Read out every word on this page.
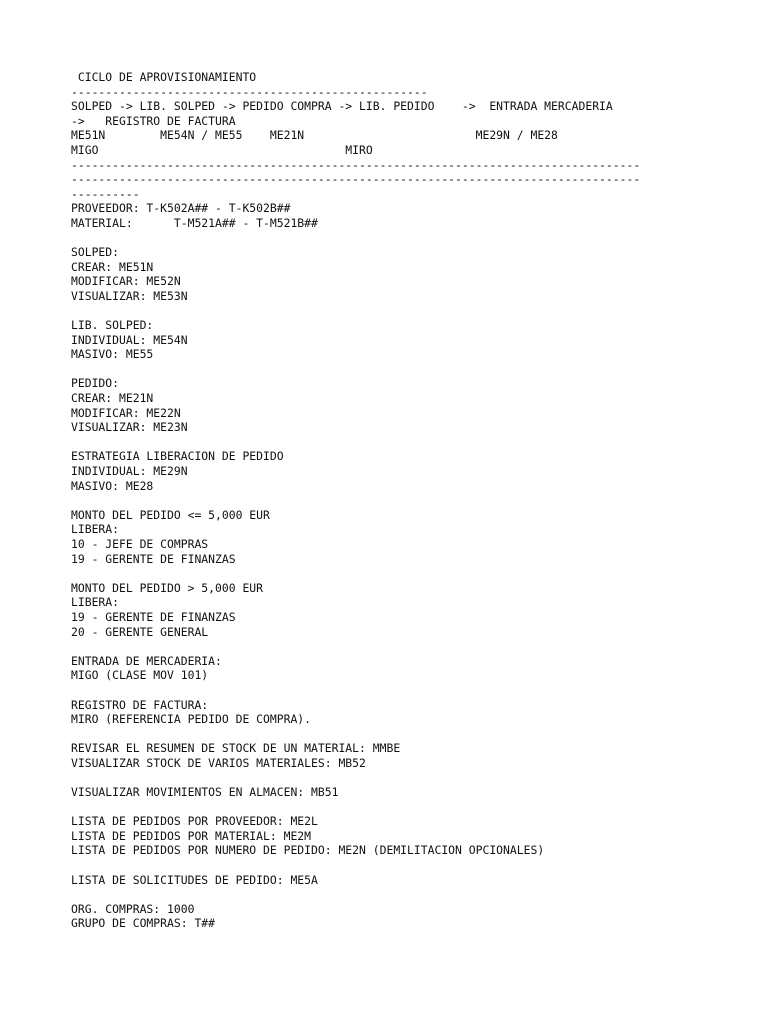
CICLO DE APROVISIONAMIENTO
----------------------------------------------------
SOLPED -> LIB. SOLPED -> PEDIDO COMPRA -> LIB. PEDIDO    ->  ENTRADA MERCADERIA
->   REGISTRO DE FACTURA
ME51N        ME54N / ME55    ME21N                         ME29N / ME28
MIGO                                    MIRO
-----------------------------------------------------------------------------------
-----------------------------------------------------------------------------------
----------
PROVEEDOR: T-K502A## - T-K502B##
MATERIAL:      T-M521A## - T-M521B##
SOLPED:
CREAR: ME51N
MODIFICAR: ME52N
VISUALIZAR: ME53N
LIB. SOLPED:
INDIVIDUAL: ME54N
MASIVO: ME55
PEDIDO:
CREAR: ME21N
MODIFICAR: ME22N
VISUALIZAR: ME23N
ESTRATEGIA LIBERACION DE PEDIDO
INDIVIDUAL: ME29N
MASIVO: ME28
MONTO DEL PEDIDO <= 5,000 EUR
LIBERA:
10 - JEFE DE COMPRAS
19 - GERENTE DE FINANZAS
MONTO DEL PEDIDO > 5,000 EUR
LIBERA:
19 - GERENTE DE FINANZAS
20 - GERENTE GENERAL
ENTRADA DE MERCADERIA:
MIGO (CLASE MOV 101)
REGISTRO DE FACTURA:
MIRO (REFERENCIA PEDIDO DE COMPRA).
REVISAR EL RESUMEN DE STOCK DE UN MATERIAL: MMBE
VISUALIZAR STOCK DE VARIOS MATERIALES: MB52
VISUALIZAR MOVIMIENTOS EN ALMACEN: MB51
LISTA DE PEDIDOS POR PROVEEDOR: ME2L
LISTA DE PEDIDOS POR MATERIAL: ME2M
LISTA DE PEDIDOS POR NUMERO DE PEDIDO: ME2N (DEMILITACION OPCIONALES)
LISTA DE SOLICITUDES DE PEDIDO: ME5A
ORG. COMPRAS: 1000
GRUPO DE COMPRAS: T##
